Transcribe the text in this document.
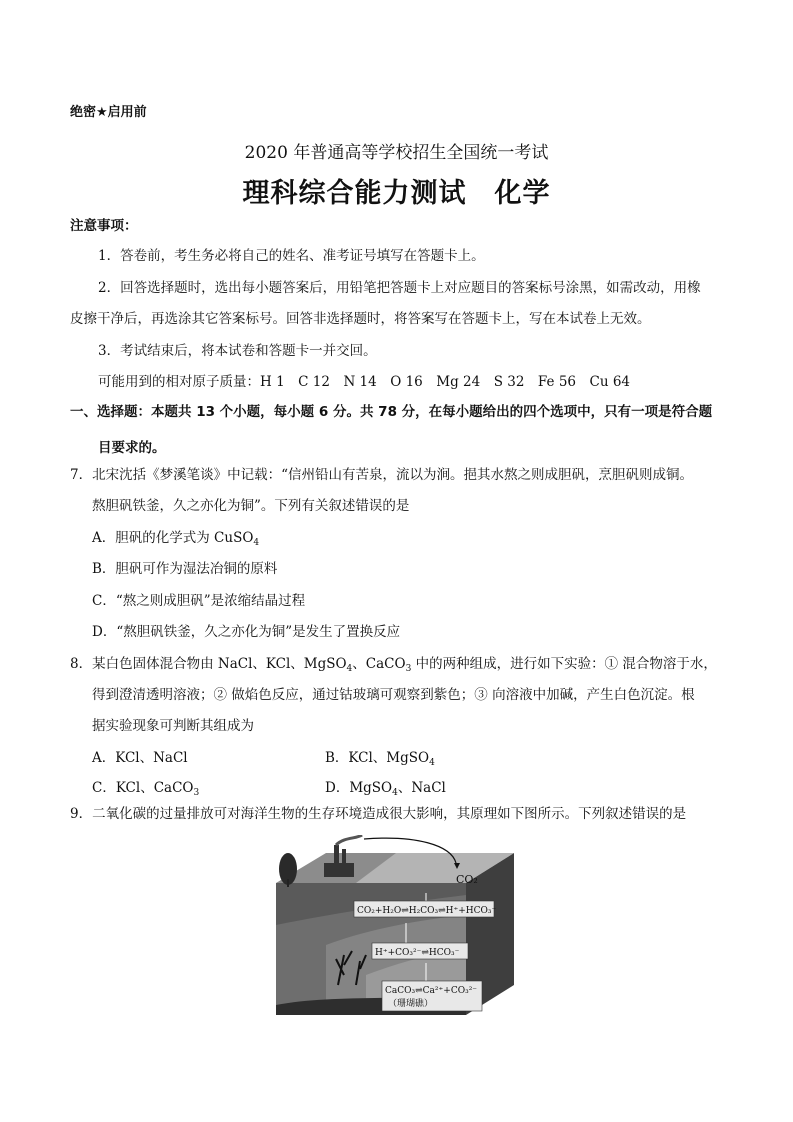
绝密★启用前
2020 年普通高等学校招生全国统一考试
理科综合能力测试　化学
注意事项：
1．答卷前，考生务必将自己的姓名、准考证号填写在答题卡上。
2．回答选择题时，选出每小题答案后，用铅笔把答题卡上对应题目的答案标号涂黑，如需改动，用橡
皮擦干净后，再选涂其它答案标号。回答非选择题时，将答案写在答题卡上，写在本试卷上无效。
3．考试结束后，将本试卷和答题卡一并交回。
可能用到的相对原子质量：H 1　C 12　N 14　O 16　Mg 24　S 32　Fe 56　Cu 64
一、选择题：本题共 13 个小题，每小题 6 分。共 78 分，在每小题给出的四个选项中，只有一项是符合题
目要求的。
7．北宋沈括《梦溪笔谈》中记载：“信州铅山有苦泉，流以为涧。挹其水熬之则成胆矾，烹胆矾则成铜。
熬胆矾铁釜，久之亦化为铜”。下列有关叙述错误的是
A．胆矾的化学式为 CuSO$_4$
B．胆矾可作为湿法冶铜的原料
C．“熬之则成胆矾”是浓缩结晶过程
D．“熬胆矾铁釜，久之亦化为铜”是发生了置换反应
8．某白色固体混合物由 NaCl、KCl、MgSO$_4$、CaCO$_3$ 中的两种组成，进行如下实验：① 混合物溶于水，
得到澄清透明溶液；② 做焰色反应，通过钴玻璃可观察到紫色；③ 向溶液中加碱，产生白色沉淀。根
据实验现象可判断其组成为
A．KCl、NaCl	B．KCl、MgSO$_4$
C．KCl、CaCO$_3$	D．MgSO$_4$、NaCl
9．二氧化碳的过量排放可对海洋生物的生存环境造成很大影响，其原理如下图所示。下列叙述错误的是
CO₂
CO₂+H₂O⇌H₂CO₃⇌H⁺+HCO₃⁻
H⁺+CO₃²⁻⇌HCO₃⁻
CaCO₃⇌Ca²⁺+CO₃²⁻
（珊瑚礁）
